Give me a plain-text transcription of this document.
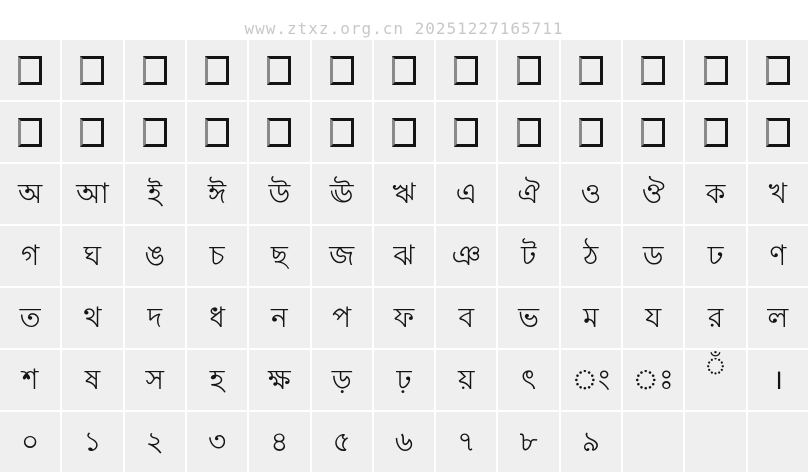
www.ztxz.org.cn 20251227165711
অ আ ই ঈ উ ঊ ঋ এ ঐ ও ঔ ক খ
গ ঘ ঙ চ ছ জ ঝ ঞ ট ঠ ড ঢ ণ
ত থ দ ধ ন প ফ ব ভ ম য র ল
শ ষ স হ ক্ষ ড় ঢ় য় ৎ ং ঃ ঁ ।
০ ১ ২ ৩ ৪ ৫ ৬ ৭ ৮ ৯
